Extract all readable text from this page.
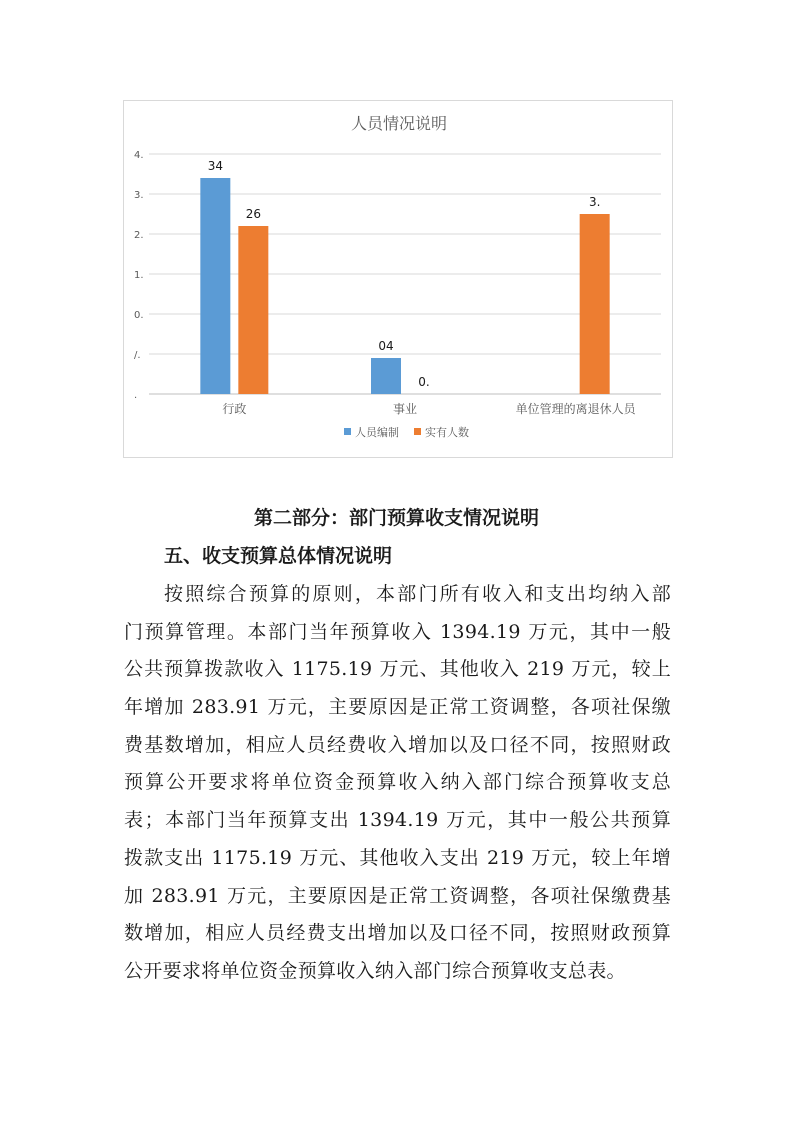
人员情况说明
.
/.
0.
1.
2.
3.
4.
34
26
行政
04
0.
事业
3.
单位管理的离退休人员
人员编制 实有人数
第二部分：部门预算收支情况说明
五、收支预算总体情况说明
按照综合预算的原则，本部门所有收入和支出均纳入部
门预算管理。本部门当年预算收入 1394.19 万元，其中一般
公共预算拨款收入 1175.19 万元、其他收入 219 万元，较上
年增加 283.91 万元，主要原因是正常工资调整，各项社保缴
费基数增加，相应人员经费收入增加以及口径不同，按照财政
预算公开要求将单位资金预算收入纳入部门综合预算收支总
表；本部门当年预算支出 1394.19 万元，其中一般公共预算
拨款支出 1175.19 万元、其他收入支出 219 万元，较上年增
加 283.91 万元，主要原因是正常工资调整，各项社保缴费基
数增加，相应人员经费支出增加以及口径不同，按照财政预算
公开要求将单位资金预算收入纳入部门综合预算收支总表。
